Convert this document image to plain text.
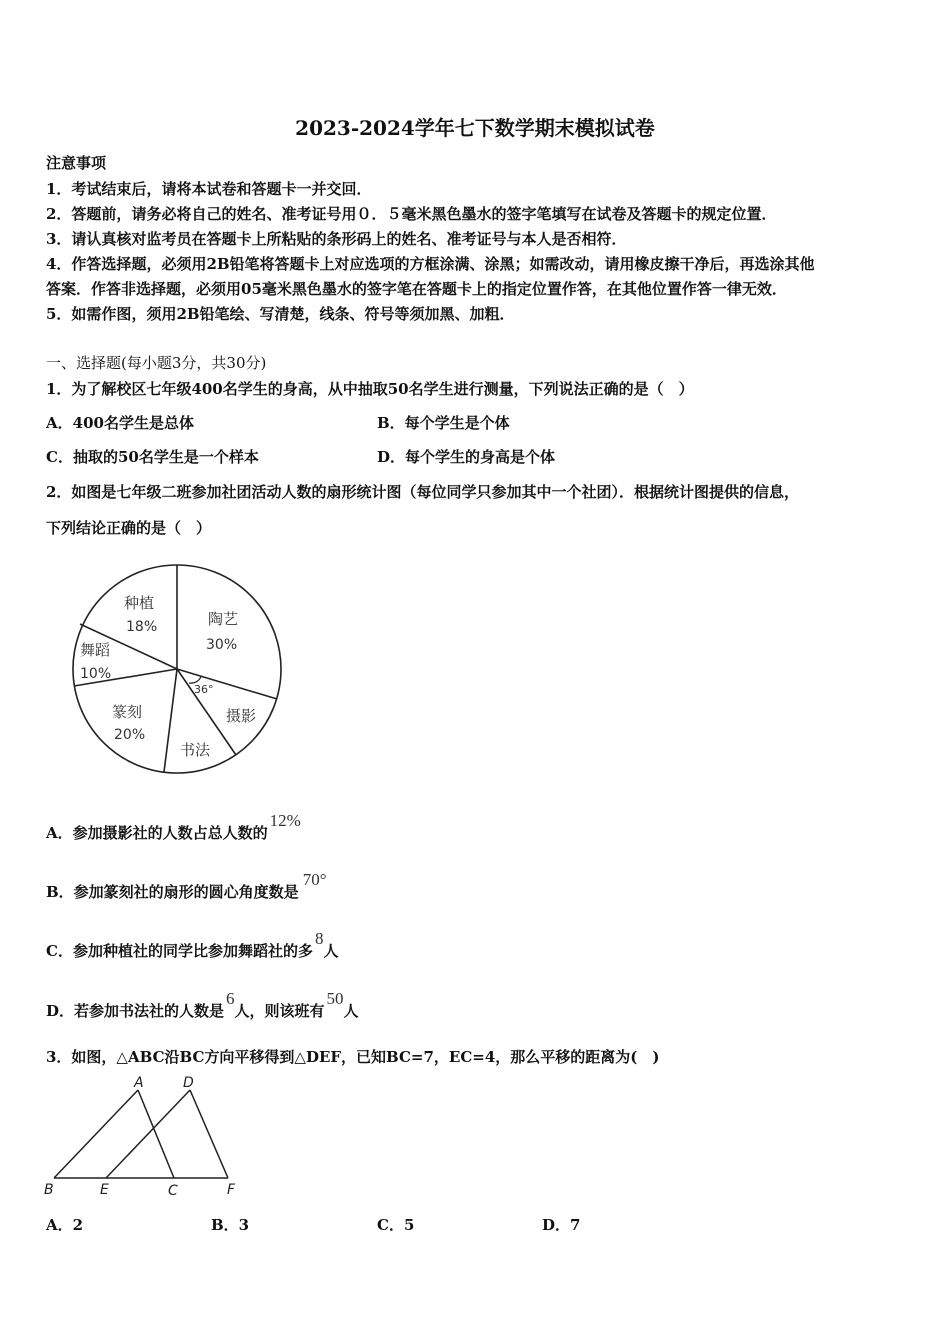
2023-2024学年七下数学期末模拟试卷
注意事项
1．考试结束后，请将本试卷和答题卡一并交回．
2．答题前，请务必将自己的姓名、准考证号用０．５毫米黑色墨水的签字笔填写在试卷及答题卡的规定位置．
3．请认真核对监考员在答题卡上所粘贴的条形码上的姓名、准考证号与本人是否相符．
4．作答选择题，必须用2B铅笔将答题卡上对应选项的方框涂满、涂黑；如需改动，请用橡皮擦干净后，再选涂其他
答案．作答非选择题，必须用05毫米黑色墨水的签字笔在答题卡上的指定位置作答，在其他位置作答一律无效．
5．如需作图，须用2B铅笔绘、写清楚，线条、符号等须加黑、加粗．
一、选择题(每小题3分，共30分)
1．为了解校区七年级400名学生的身高，从中抽取50名学生进行测量，下列说法正确的是（　）
A．400名学生是总体	B．每个学生是个体
C．抽取的50名学生是一个样本	D．每个学生的身高是个体
2．如图是七年级二班参加社团活动人数的扇形统计图（每位同学只参加其中一个社团）．根据统计图提供的信息，
下列结论正确的是（　）
陶艺
30%
种植
18%
舞蹈
10%
篆刻
20%
书法
摄影
36°
A．参加摄影社的人数占总人数的12%
B．参加篆刻社的扇形的圆心角度数是70°
C．参加种植社的同学比参加舞蹈社的多8人
D．若参加书法社的人数是6人，则该班有50人
3．如图，△ABC沿BC方向平移得到△DEF，已知BC=7，EC=4，那么平移的距离为(　)
A	D
B	E	C	F
A．2	B．3	C．5	D．7
